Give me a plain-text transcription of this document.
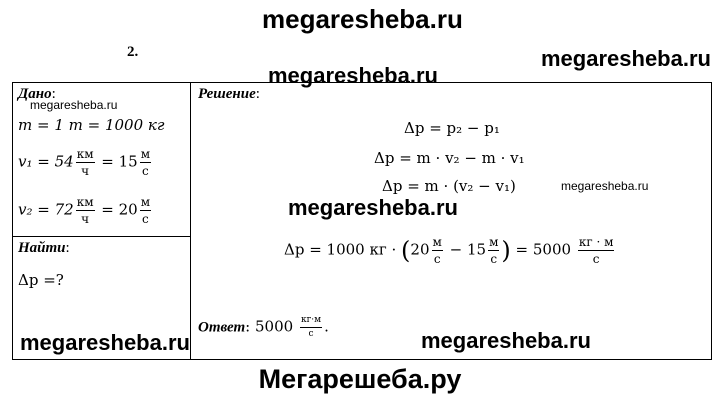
megaresheba.ru
megaresheba.ru
2.
megaresheba.ru
Дано:
megaresheba.ru
m = 1 т = 1000 кг
$v_1 = 54 \frac{км}{ч} = 15 \frac{м}{с}$
$v_2 = 72 \frac{км}{ч} = 20 \frac{м}{с}$
Найти:
Δp =?
Решение:
Δp = p₂ − p₁
Δp = m · v₂ − m · v₁
Δp = m · (v₂ − v₁)	megaresheba.ru
megaresheba.ru
Δp = 1000 кг · ($20 \frac{м}{с} - 15 \frac{м}{с}$ ) = $5000 \frac{кг \cdot м}{с}$
Ответ: $5000 \frac{кг\cdot м}{с}$ .
megaresheba.ru	megaresheba.ru
Мегарешеба.ру
